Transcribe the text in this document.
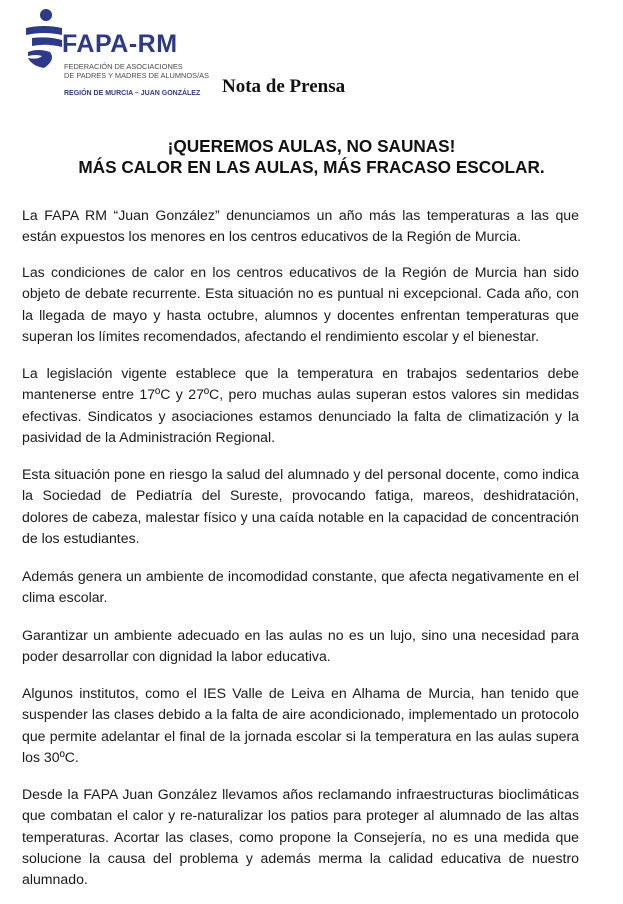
FAPA-RM
FEDERACIÓN DE ASOCIACIONES
DE PADRES Y MADRES DE ALUMNOS/AS
REGIÓN DE MURCIA – JUAN GONZÁLEZ Nota de Prensa
¡QUEREMOS AULAS, NO SAUNAS!
MÁS CALOR EN LAS AULAS, MÁS FRACASO ESCOLAR.

La FAPA RM “Juan González” denunciamos un año más las temperaturas a las que están expuestos los menores en los centros educativos de la Región de Murcia.

Las condiciones de calor en los centros educativos de la Región de Murcia han sido objeto de debate recurrente. Esta situación no es puntual ni excepcional. Cada año, con la llegada de mayo y hasta octubre, alumnos y docentes enfrentan temperaturas que superan los límites recomendados, afectando el rendimiento escolar y el bienestar.

La legislación vigente establece que la temperatura en trabajos sedentarios debe mantenerse entre 17ºC y 27ºC, pero muchas aulas superan estos valores sin medidas efectivas. Sindicatos y asociaciones estamos denunciado la falta de climatización y la pasividad de la Administración Regional.

Esta situación pone en riesgo la salud del alumnado y del personal docente, como indica la Sociedad de Pediatría del Sureste, provocando fatiga, mareos, deshidratación, dolores de cabeza, malestar físico y una caída notable en la capacidad de concentración de los estudiantes.

Además genera un ambiente de incomodidad constante, que afecta negativamente en el clima escolar.

Garantizar un ambiente adecuado en las aulas no es un lujo, sino una necesidad para poder desarrollar con dignidad la labor educativa.

Algunos institutos, como el IES Valle de Leiva en Alhama de Murcia, han tenido que suspender las clases debido a la falta de aire acondicionado, implementado un protocolo que permite adelantar el final de la jornada escolar si la temperatura en las aulas supera los 30ºC.

Desde la FAPA Juan González llevamos años reclamando infraestructuras bioclimáticas que combatan el calor y re-naturalizar los patios para proteger al alumnado de las altas temperaturas. Acortar las clases, como propone la Consejería, no es una medida que solucione la causa del problema y además merma la calidad educativa de nuestro alumnado.
